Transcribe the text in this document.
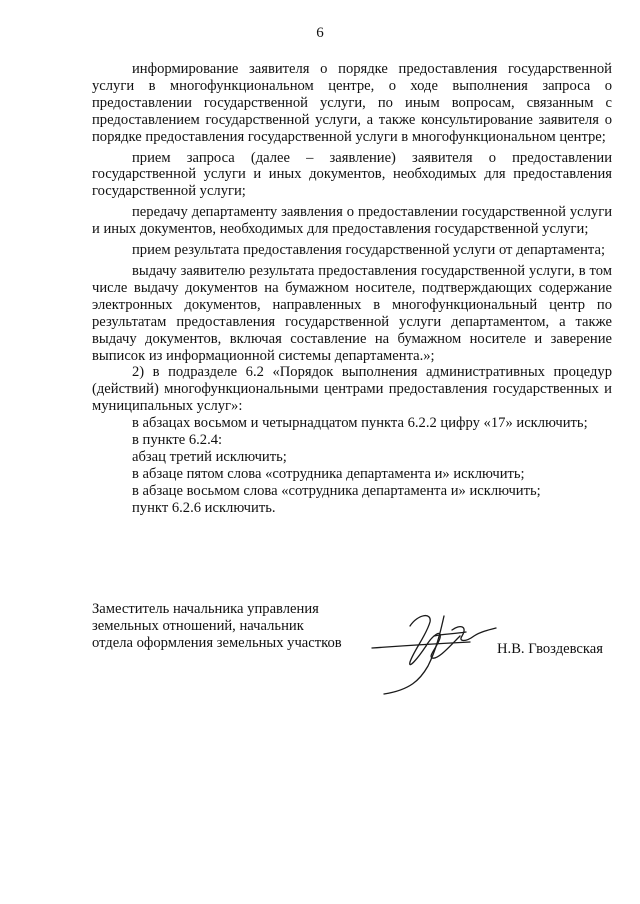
6

информирование заявителя о порядке предоставления государственной услуги в многофункциональном центре, о ходе выполнения запроса о предоставлении государственной услуги, по иным вопросам, связанным с предоставлением государственной услуги, а также консультирование заявителя о порядке предоставления государственной услуги в многофункциональном центре;

прием запроса (далее – заявление) заявителя о предоставлении государственной услуги и иных документов, необходимых для предоставления государственной услуги;

передачу департаменту заявления о предоставлении государственной услуги и иных документов, необходимых для предоставления государственной услуги;

прием результата предоставления государственной услуги от департамента;

выдачу заявителю результата предоставления государственной услуги, в том числе выдачу документов на бумажном носителе, подтверждающих содержание электронных документов, направленных в многофункциональный центр по результатам предоставления государственной услуги департаментом, а также выдачу документов, включая составление на бумажном носителе и заверение выписок из информационной системы департамента.»;

2) в подразделе 6.2 «Порядок выполнения административных процедур (действий) многофункциональными центрами предоставления государственных и муниципальных услуг»:

в абзацах восьмом и четырнадцатом пункта 6.2.2 цифру «17» исключить;

в пункте 6.2.4:

абзац третий исключить;

в абзаце пятом слова «сотрудника департамента и» исключить;

в абзаце восьмом слова «сотрудника департамента и» исключить;

пункт 6.2.6 исключить.

Заместитель начальника управления
земельных отношений, начальник
отдела оформления земельных участков	Н.В. Гвоздевская
